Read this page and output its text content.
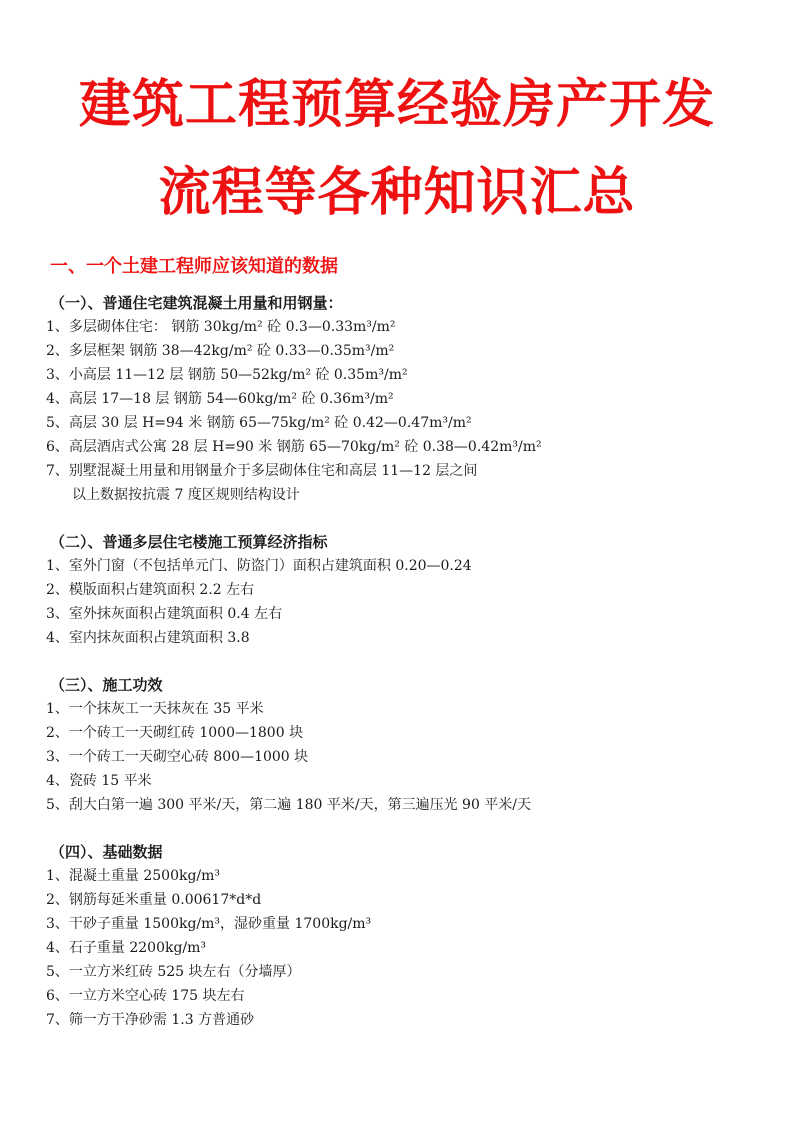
建筑工程预算经验房产开发
流程等各种知识汇总
一、一个土建工程师应该知道的数据
（一）、普通住宅建筑混凝土用量和用钢量：
1、多层砌体住宅： 钢筋 30kg/m² 砼 0.3—0.33m³/m²
2、多层框架 钢筋 38—42kg/m² 砼 0.33—0.35m³/m²
3、小高层 11—12 层 钢筋 50—52kg/m² 砼 0.35m³/m²
4、高层 17—18 层 钢筋 54—60kg/m² 砼 0.36m³/m²
5、高层 30 层 H=94 米 钢筋 65—75kg/m² 砼 0.42—0.47m³/m²
6、高层酒店式公寓 28 层 H=90 米 钢筋 65—70kg/m² 砼 0.38—0.42m³/m²
7、别墅混凝土用量和用钢量介于多层砌体住宅和高层 11—12 层之间
以上数据按抗震 7 度区规则结构设计
（二）、普通多层住宅楼施工预算经济指标
1、室外门窗（不包括单元门、防盗门）面积占建筑面积 0.20—0.24
2、模版面积占建筑面积 2.2 左右
3、室外抹灰面积占建筑面积 0.4 左右
4、室内抹灰面积占建筑面积 3.8
（三）、施工功效
1、一个抹灰工一天抹灰在 35 平米
2、一个砖工一天砌红砖 1000—1800 块
3、一个砖工一天砌空心砖 800—1000 块
4、瓷砖 15 平米
5、刮大白第一遍 300 平米/天，第二遍 180 平米/天，第三遍压光 90 平米/天
（四）、基础数据
1、混凝土重量 2500kg/m³
2、钢筋每延米重量 0.00617*d*d
3、干砂子重量 1500kg/m³，湿砂重量 1700kg/m³
4、石子重量 2200kg/m³
5、一立方米红砖 525 块左右（分墙厚）
6、一立方米空心砖 175 块左右
7、筛一方干净砂需 1.3 方普通砂
